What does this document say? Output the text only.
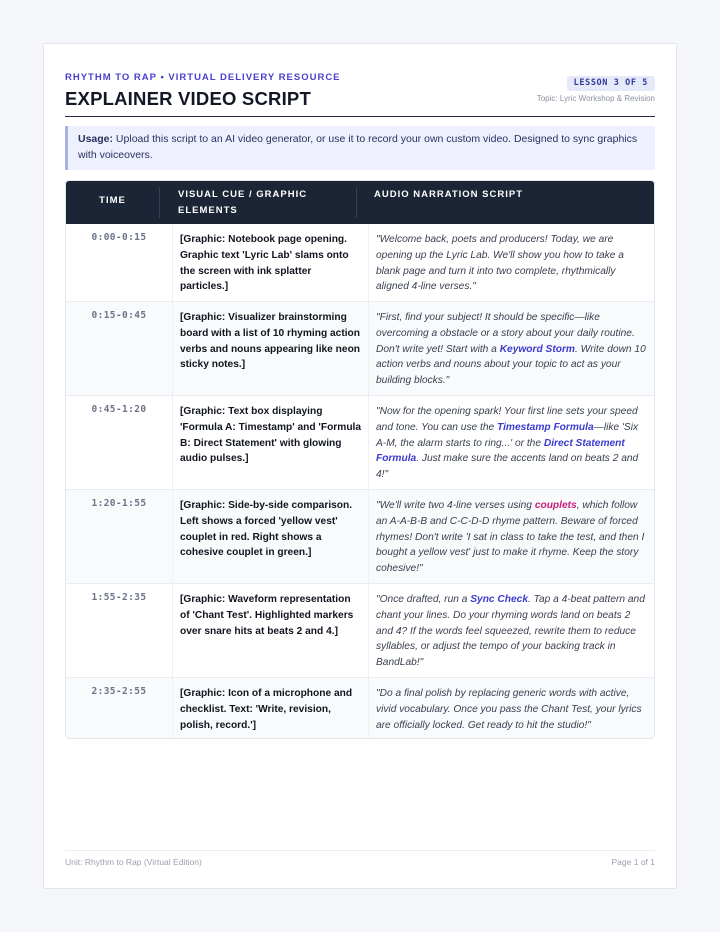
RHYTHM TO RAP • VIRTUAL DELIVERY RESOURCE
EXPLAINER VIDEO SCRIPT
LESSON 3 OF 5
Topic: Lyric Workshop & Revision
Usage: Upload this script to an AI video generator, or use it to record your own custom video. Designed to sync graphics with voiceovers.
TIME
VISUAL CUE / GRAPHIC ELEMENTS
AUDIO NARRATION SCRIPT
0:00-0:15	[Graphic: Notebook page opening. Graphic text 'Lyric Lab' slams onto the screen with ink splatter particles.]
"Welcome back, poets and producers! Today, we are opening up the Lyric Lab. We'll show you how to take a blank page and turn it into two complete, rhythmically aligned 4-line verses."
0:15-0:45	[Graphic: Visualizer brainstorming board with a list of 10 rhyming action verbs and nouns appearing like neon sticky notes.]
"First, find your subject! It should be specific—like overcoming a obstacle or a story about your daily routine. Don't write yet! Start with a Keyword Storm. Write down 10 action verbs and nouns about your topic to act as your building blocks."
0:45-1:20	[Graphic: Text box displaying 'Formula A: Timestamp' and 'Formula B: Direct Statement' with glowing audio pulses.]
"Now for the opening spark! Your first line sets your speed and tone. You can use the Timestamp Formula—like 'Six A-M, the alarm starts to ring...' or the Direct Statement Formula. Just make sure the accents land on beats 2 and 4!"
1:20-1:55	[Graphic: Side-by-side comparison. Left shows a forced 'yellow vest' couplet in red. Right shows a cohesive couplet in green.]
"We'll write two 4-line verses using couplets, which follow an A-A-B-B and C-C-D-D rhyme pattern. Beware of forced rhymes! Don't write 'I sat in class to take the test, and then I bought a yellow vest' just to make it rhyme. Keep the story cohesive!"
1:55-2:35	[Graphic: Waveform representation of 'Chant Test'. Highlighted markers over snare hits at beats 2 and 4.]
"Once drafted, run a Sync Check. Tap a 4-beat pattern and chant your lines. Do your rhyming words land on beats 2 and 4? If the words feel squeezed, rewrite them to reduce syllables, or adjust the tempo of your backing track in BandLab!"
2:35-2:55	[Graphic: Icon of a microphone and checklist. Text: 'Write, revision, polish, record.']
"Do a final polish by replacing generic words with active, vivid vocabulary. Once you pass the Chant Test, your lyrics are officially locked. Get ready to hit the studio!"
Unit: Rhythm to Rap (Virtual Edition)	Page 1 of 1
